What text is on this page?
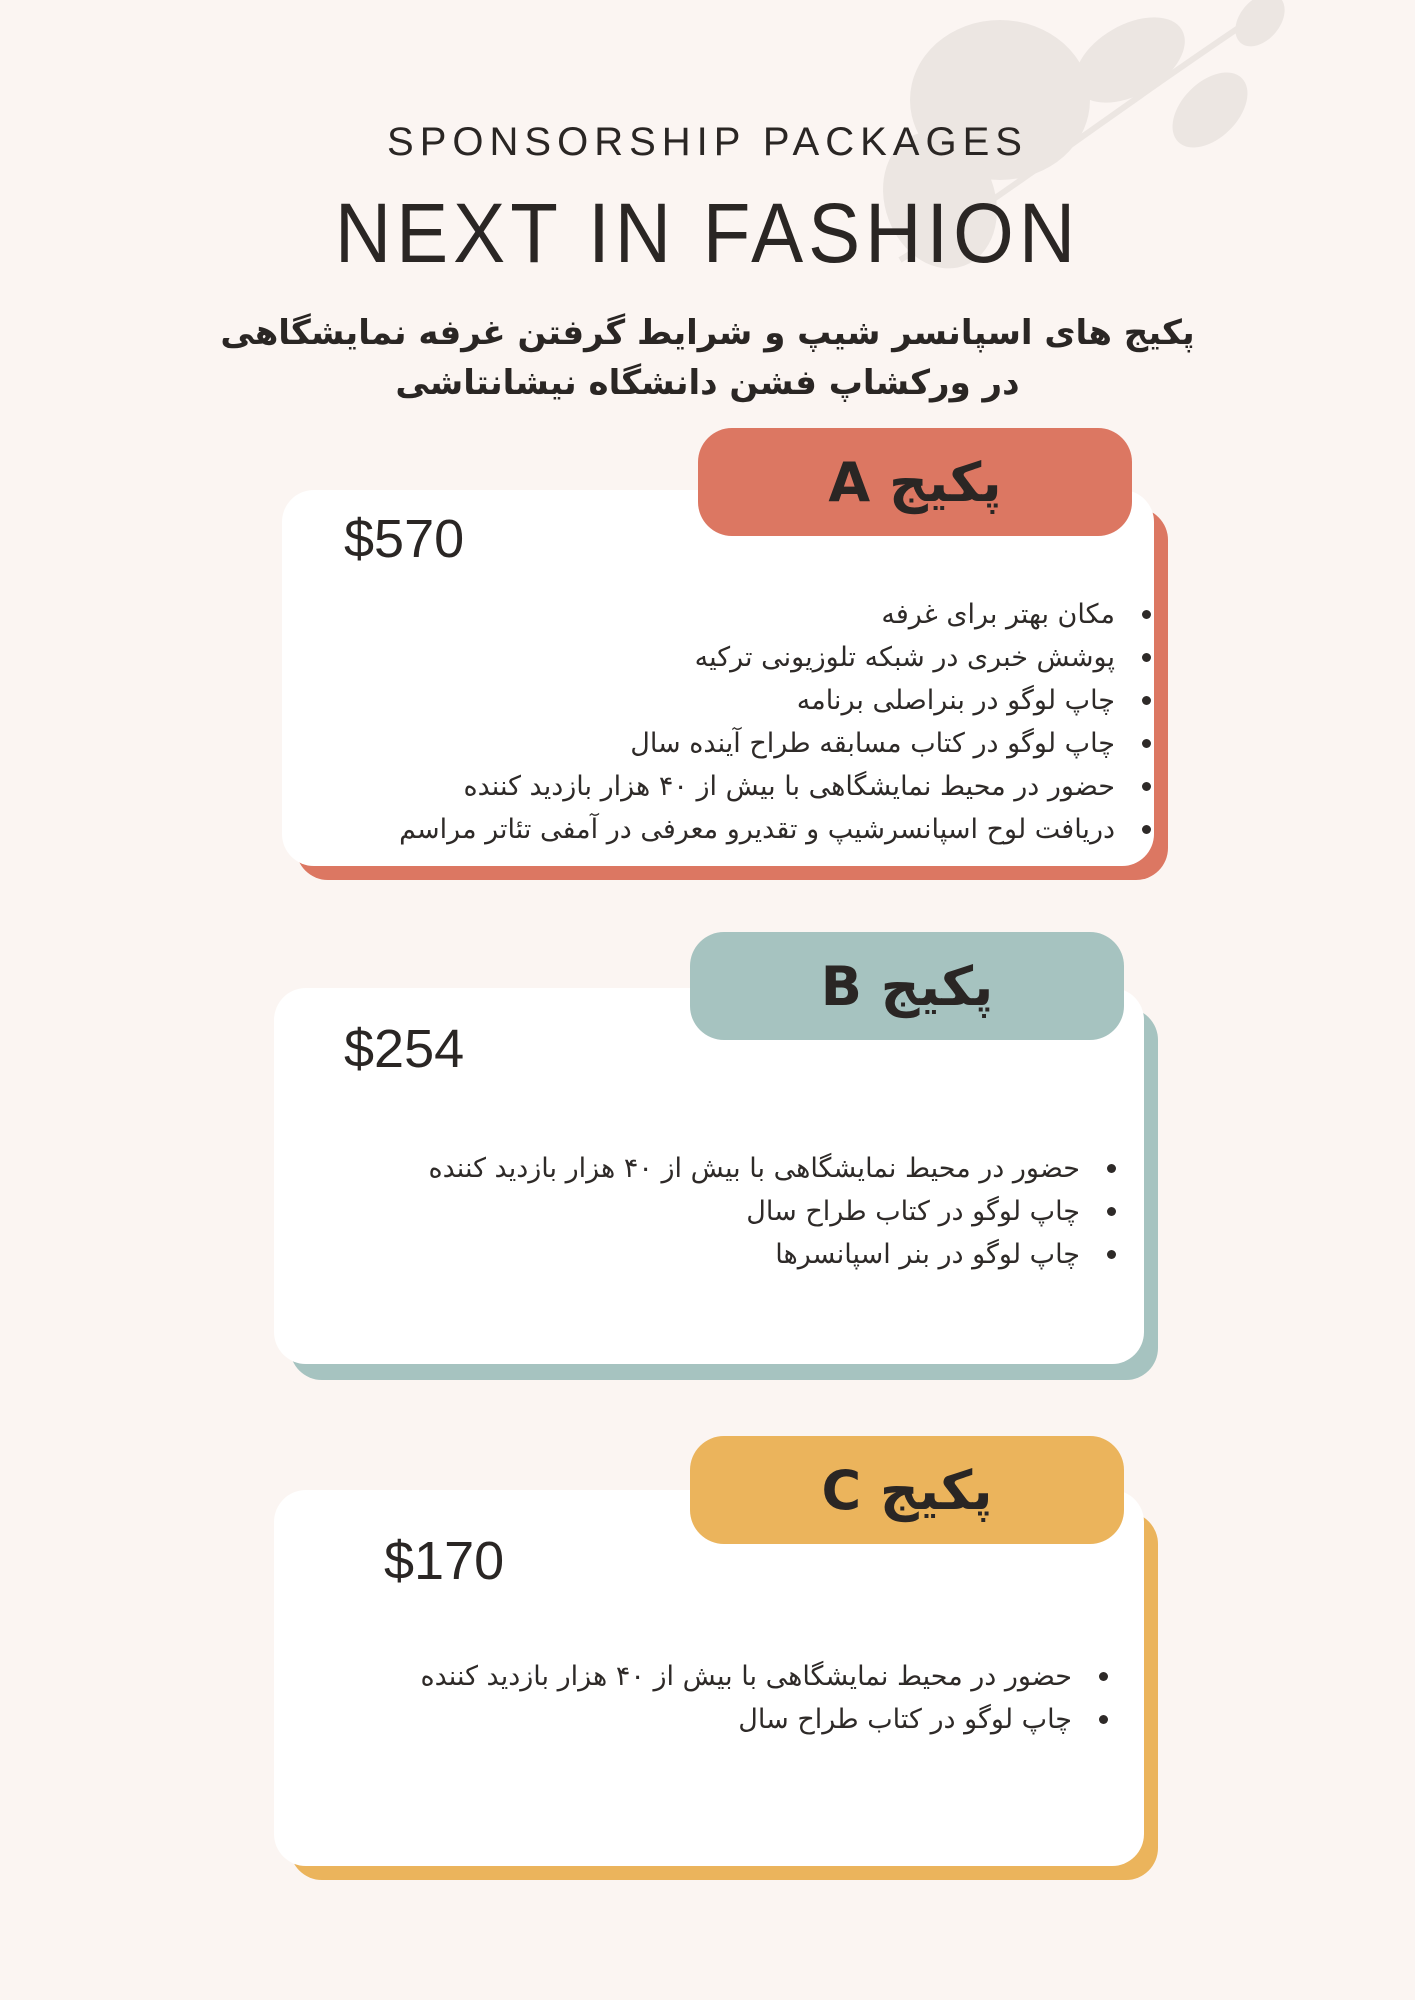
SPONSORSHIP PACKAGES
NEXT IN FASHION
پکیج های اسپانسر شیپ و شرایط گرفتن غرفه نمایشگاهی در ورکشاپ فشن دانشگاه نیشانتاشی
پکیج A
$570
مکان بهتر برای غرفه
پوشش خبری در شبکه تلوزیونی ترکیه
چاپ لوگو در بنراصلی برنامه
چاپ لوگو در کتاب مسابقه طراح آینده سال
حضور در محیط نمایشگاهی با بیش از ۴۰ هزار بازدید کننده
دریافت لوح اسپانسرشیپ و تقدیرو معرفی در آمفی تئاتر مراسم
پکیج B
$254
حضور در محیط نمایشگاهی با بیش از ۴۰ هزار بازدید کننده
چاپ لوگو در کتاب طراح سال
چاپ لوگو در بنر اسپانسرها
پکیج C
$170
حضور در محیط نمایشگاهی با بیش از ۴۰ هزار بازدید کننده
چاپ لوگو در کتاب طراح سال
